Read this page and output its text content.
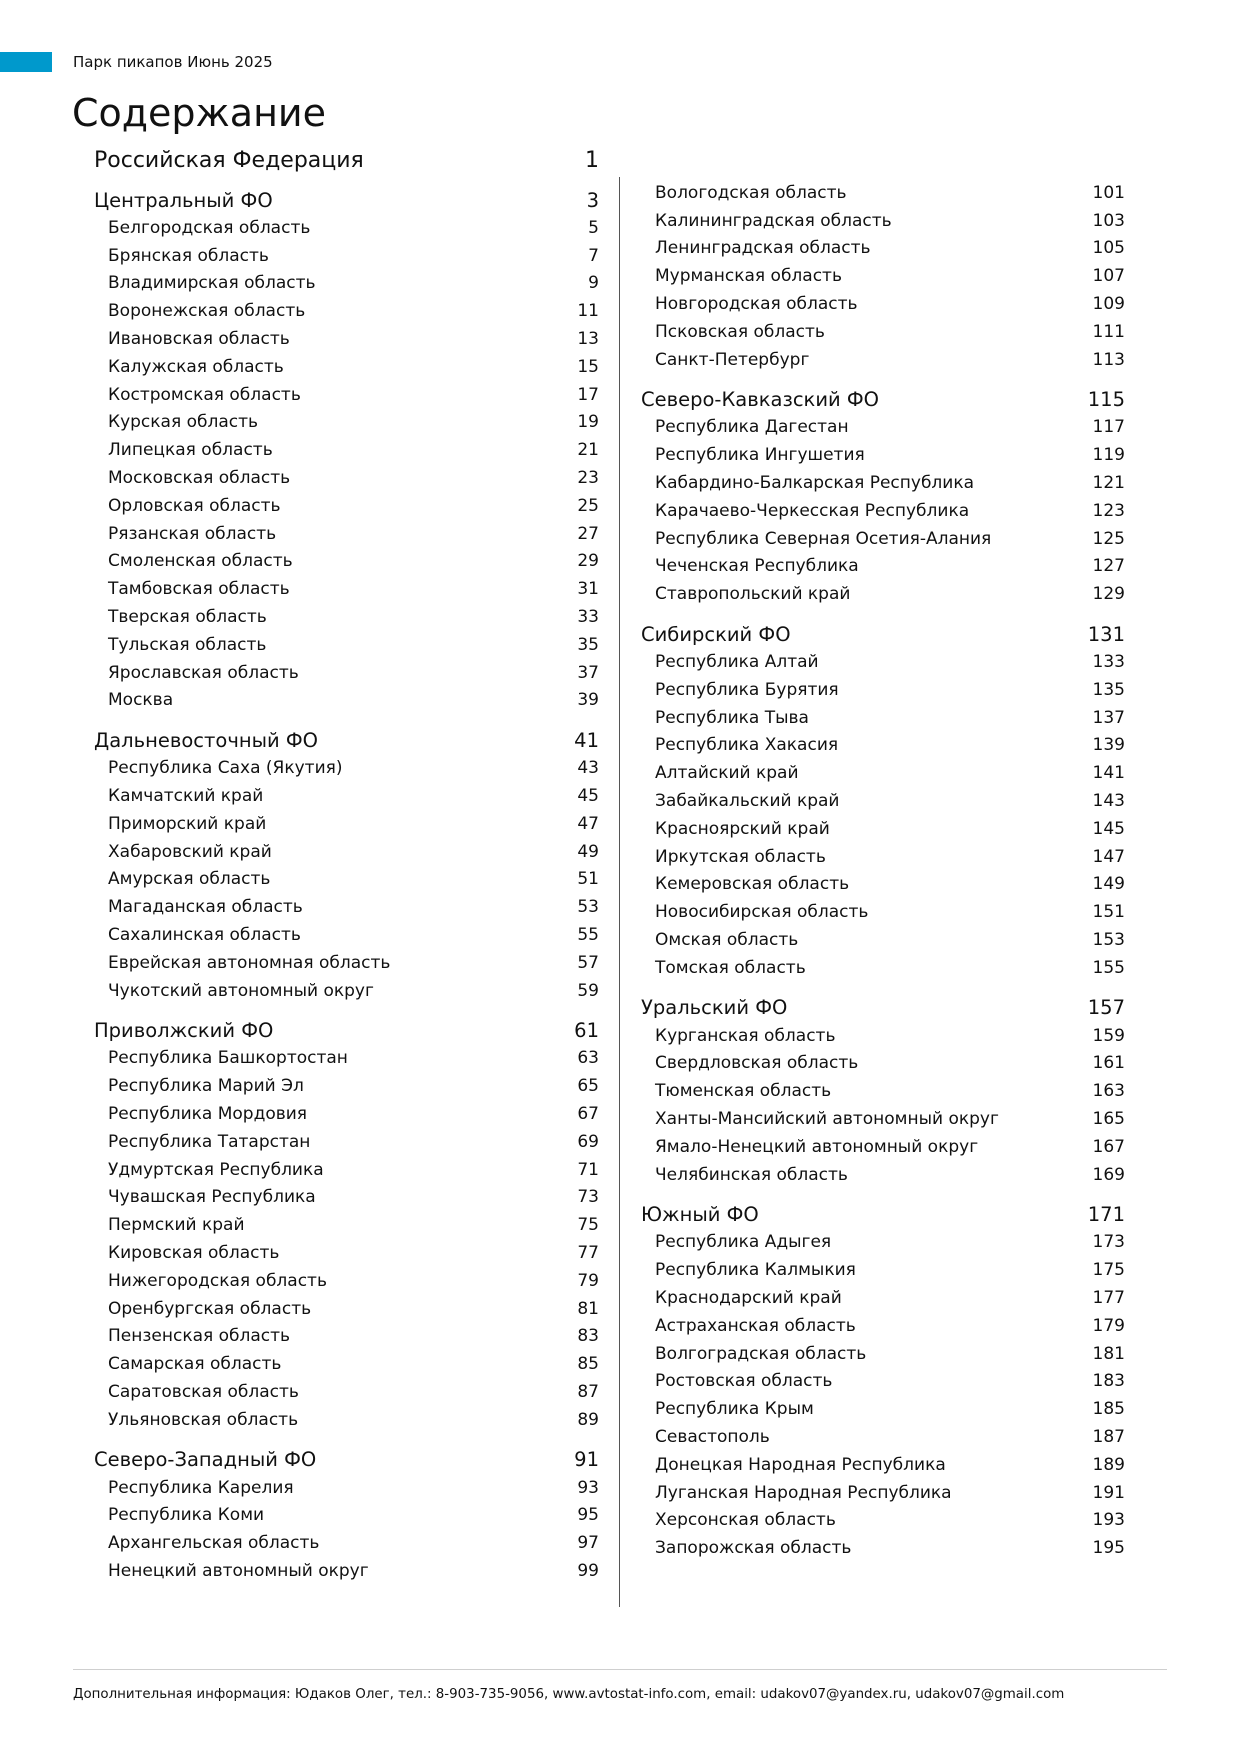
Парк пикапов Июнь 2025
Содержание
Российская Федерация	1
Центральный ФО	3
Белгородская область	5
Брянская область	7
Владимирская область	9
Воронежская область	11
Ивановская область	13
Калужская область	15
Костромская область	17
Курская область	19
Липецкая область	21
Московская область	23
Орловская область	25
Рязанская область	27
Смоленская область	29
Тамбовская область	31
Тверская область	33
Тульская область	35
Ярославская область	37
Москва	39
Дальневосточный ФО	41
Республика Саха (Якутия)	43
Камчатский край	45
Приморский край	47
Хабаровский край	49
Амурская область	51
Магаданская область	53
Сахалинская область	55
Еврейская автономная область	57
Чукотский автономный округ	59
Приволжский ФО	61
Республика Башкортостан	63
Республика Марий Эл	65
Республика Мордовия	67
Республика Татарстан	69
Удмуртская Республика	71
Чувашская Республика	73
Пермский край	75
Кировская область	77
Нижегородская область	79
Оренбургская область	81
Пензенская область	83
Самарская область	85
Саратовская область	87
Ульяновская область	89
Северо-Западный ФО	91
Республика Карелия	93
Республика Коми	95
Архангельская область	97
Ненецкий автономный округ	99
Вологодская область	101
Калининградская область	103
Ленинградская область	105
Мурманская область	107
Новгородская область	109
Псковская область	111
Санкт-Петербург	113
Северо-Кавказский ФО	115
Республика Дагестан	117
Республика Ингушетия	119
Кабардино-Балкарская Республика	121
Карачаево-Черкесская Республика	123
Республика Северная Осетия-Алания	125
Чеченская Республика	127
Ставропольский край	129
Сибирский ФО	131
Республика Алтай	133
Республика Бурятия	135
Республика Тыва	137
Республика Хакасия	139
Алтайский край	141
Забайкальский край	143
Красноярский край	145
Иркутская область	147
Кемеровская область	149
Новосибирская область	151
Омская область	153
Томская область	155
Уральский ФО	157
Курганская область	159
Свердловская область	161
Тюменская область	163
Ханты-Мансийский автономный округ	165
Ямало-Ненецкий автономный округ	167
Челябинская область	169
Южный ФО	171
Республика Адыгея	173
Республика Калмыкия	175
Краснодарский край	177
Астраханская область	179
Волгоградская область	181
Ростовская область	183
Республика Крым	185
Севастополь	187
Донецкая Народная Республика	189
Луганская Народная Республика	191
Херсонская область	193
Запорожская область	195
Дополнительная информация: Юдаков Олег, тел.: 8-903-735-9056, www.avtostat-info.com, email: udakov07@yandex.ru, udakov07@gmail.com
